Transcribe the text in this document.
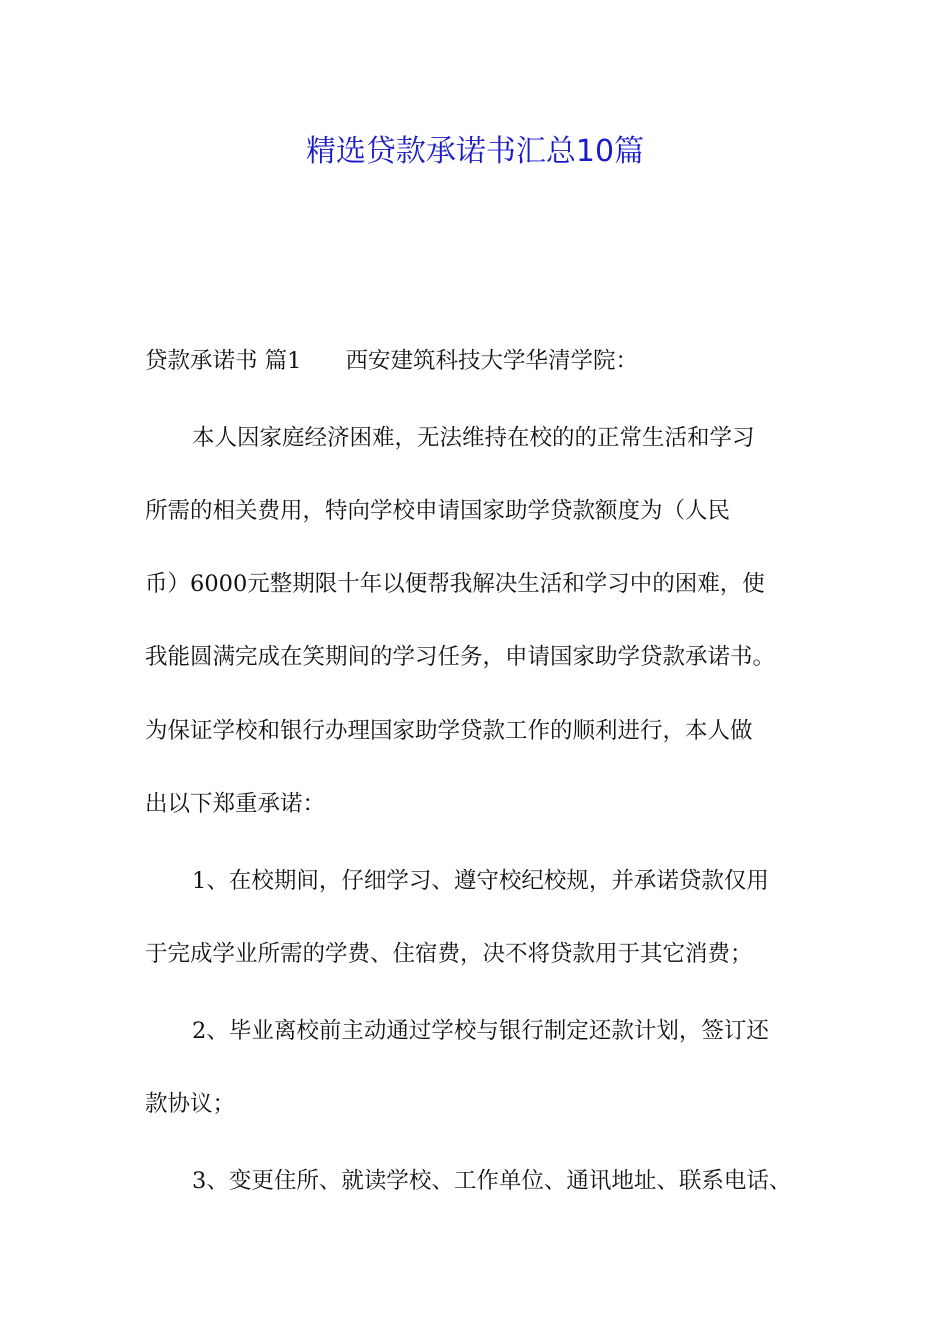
精选贷款承诺书汇总10篇

贷款承诺书 篇1 西安建筑科技大学华清学院：

本人因家庭经济困难，无法维持在校的的正常生活和学习

所需的相关费用，特向学校申请国家助学贷款额度为（人民

币）6000元整期限十年以便帮我解决生活和学习中的困难，使

我能圆满完成在笑期间的学习任务，申请国家助学贷款承诺书。

为保证学校和银行办理国家助学贷款工作的顺利进行，本人做

出以下郑重承诺：

1、在校期间，仔细学习、遵守校纪校规，并承诺贷款仅用

于完成学业所需的学费、住宿费，决不将贷款用于其它消费；

2、毕业离校前主动通过学校与银行制定还款计划，签订还

款协议；

3、变更住所、就读学校、工作单位、通讯地址、联系电话、
